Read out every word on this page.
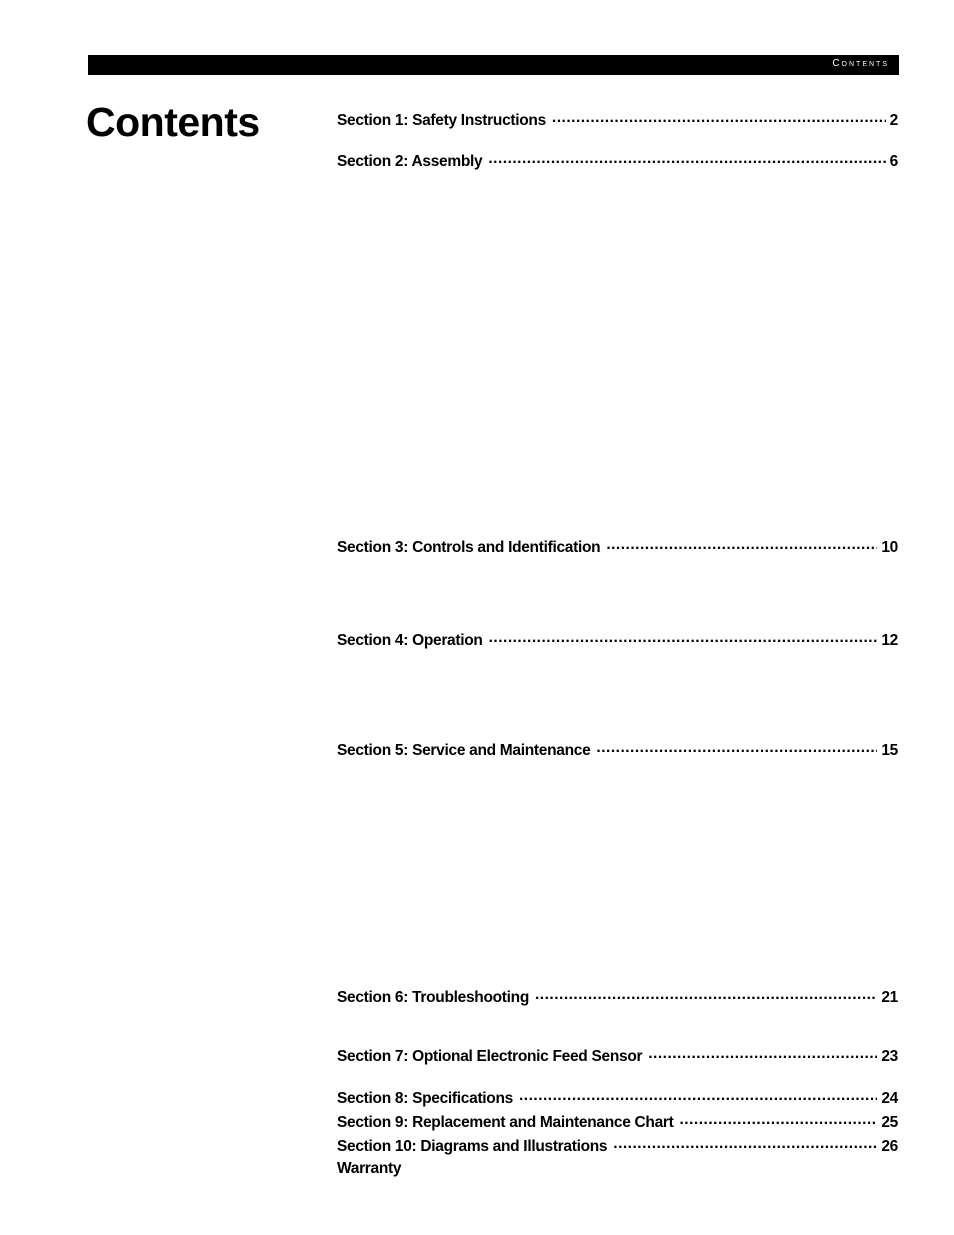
Contents
Contents	Section 1: Safety Instructions .....	2
Section 2: Assembly .....	6
Section 3: Controls and Identification .....	10
Section 4: Operation .....	12
Section 5: Service and Maintenance .....	15
Section 6: Troubleshooting .....	21
Section 7: Optional Electronic Feed Sensor .....	23
Section 8: Specifications .....	24
Section 9: Replacement and Maintenance Chart .....	25
Section 10: Diagrams and Illustrations .....	26
Warranty
